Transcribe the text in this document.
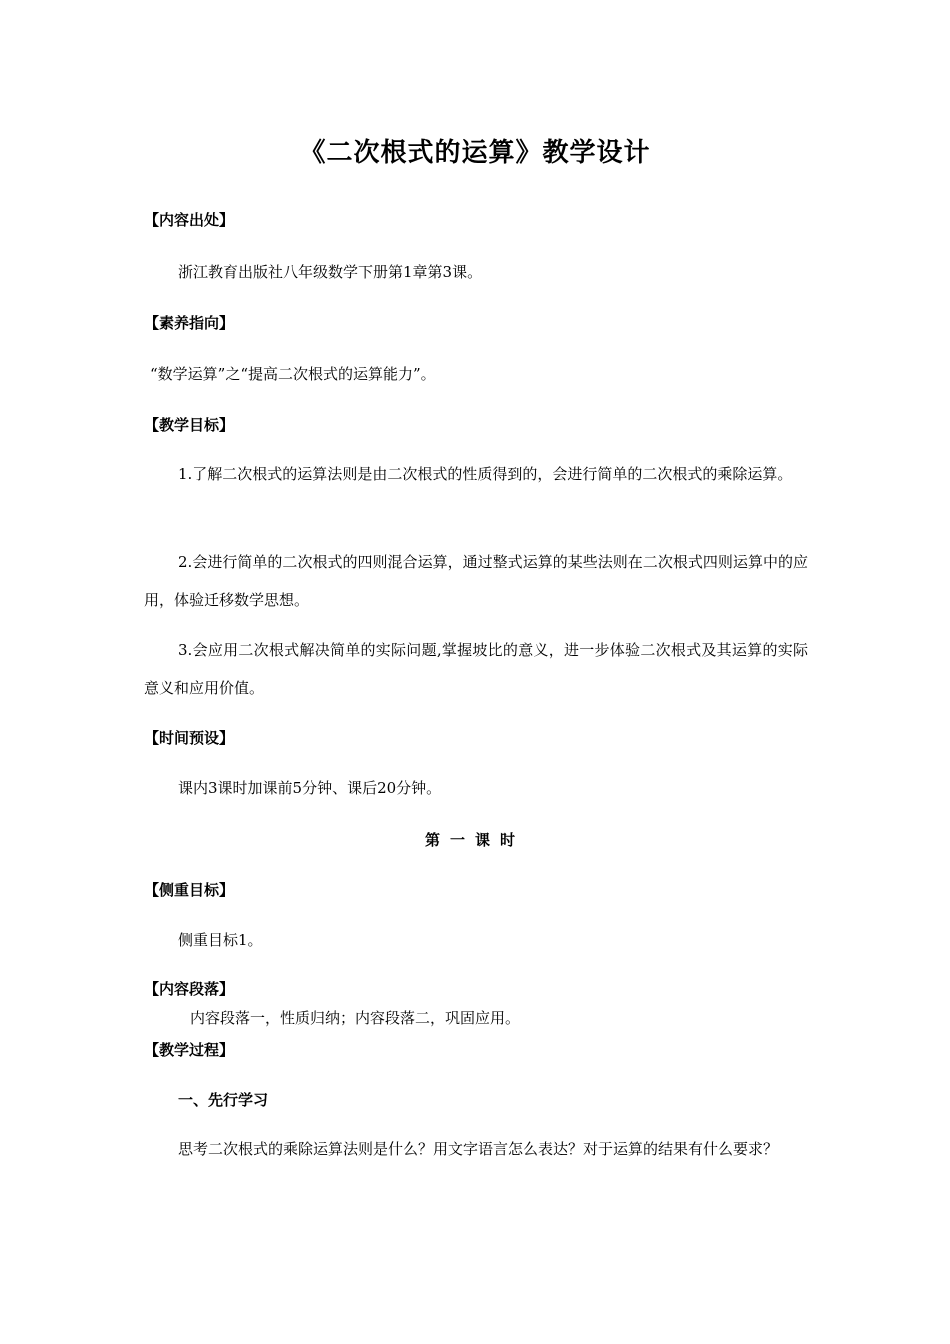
《二次根式的运算》教学设计
【内容出处】
浙江教育出版社八年级数学下册第1章第3课。
【素养指向】
“数学运算”之“提高二次根式的运算能力”。
【教学目标】
1.了解二次根式的运算法则是由二次根式的性质得到的，会进行简单的二次根式的乘除运算。
2.会进行简单的二次根式的四则混合运算，通过整式运算的某些法则在二次根式四则运算中的应用，体验迁移数学思想。
3.会应用二次根式解决简单的实际问题,掌握坡比的意义，进一步体验二次根式及其运算的实际意义和应用价值。
【时间预设】
课内3课时加课前5分钟、课后20分钟。
第一课时
【侧重目标】
侧重目标1。
【内容段落】
内容段落一，性质归纳；内容段落二，巩固应用。
【教学过程】
一、先行学习
思考二次根式的乘除运算法则是什么？用文字语言怎么表达？对于运算的结果有什么要求？
